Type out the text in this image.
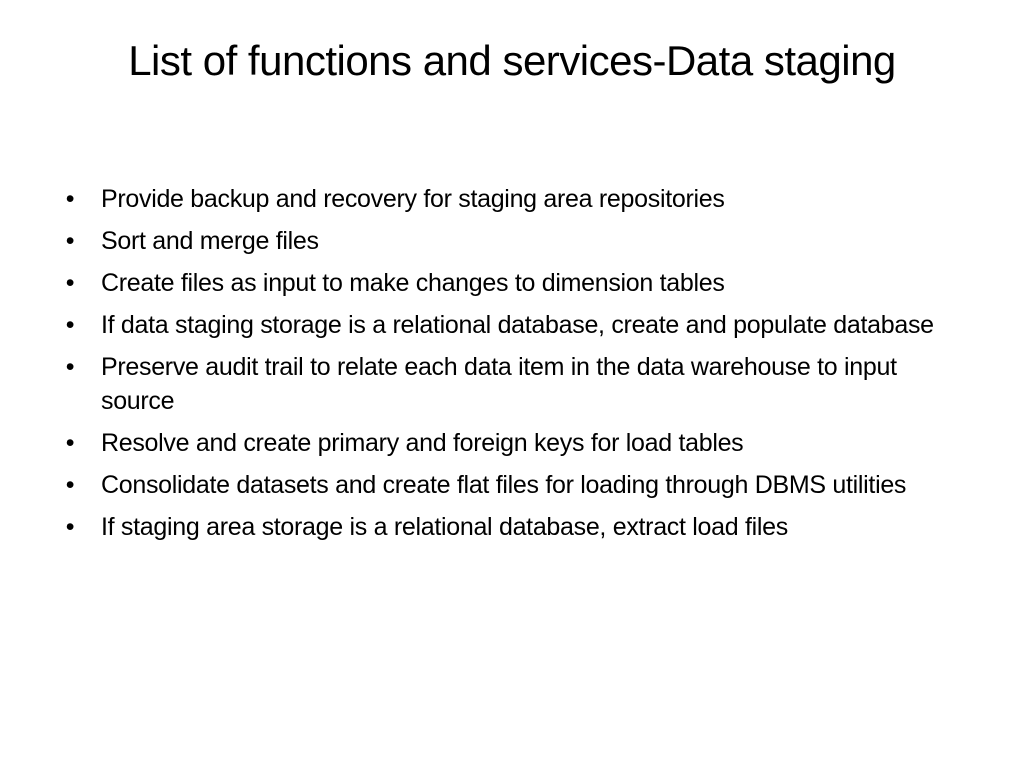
List of functions and services-Data staging
• Provide backup and recovery for staging area repositories
• Sort and merge files
• Create files as input to make changes to dimension tables
• If data staging storage is a relational database, create and populate database
• Preserve audit trail to relate each data item in the data warehouse to input source
• Resolve and create primary and foreign keys for load tables
• Consolidate datasets and create flat files for loading through DBMS utilities
• If staging area storage is a relational database, extract load files
